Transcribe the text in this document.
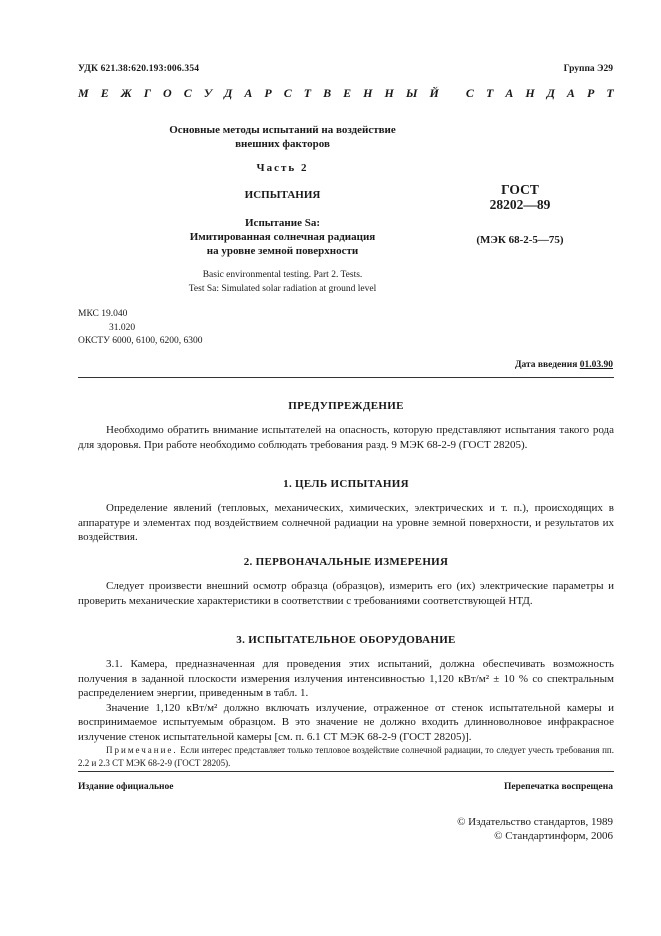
УДК 621.38:620.193:006.354	Группа Э29
М Е Ж Г О С У Д А Р С Т В Е Н Н Ы Й
С Т А Н Д А Р Т
Основные методы испытаний на воздействие
внешних факторов
Часть 2
ИСПЫТАНИЯ
Испытание Sa:
Имитированная солнечная радиация
на уровне земной поверхности
ГОСТ
28202—89
(МЭК 68-2-5—75)
Basic environmental testing. Part 2. Tests.
Test Sa: Simulated solar radiation at ground level
МКС 19.040
31.020
ОКСТУ 6000, 6100, 6200, 6300
Дата введения 01.03.90
ПРЕДУПРЕЖДЕНИЕ

Необходимо обратить внимание испытателей на опасность, которую представляют испытания такого рода для здоровья. При работе необходимо соблюдать требования разд. 9 МЭК 68-2-9 (ГОСТ 28205).

1. ЦЕЛЬ ИСПЫТАНИЯ

Определение явлений (тепловых, механических, химических, электрических и т. п.), происходящих в аппаратуре и элементах под воздействием солнечной радиации на уровне земной поверхности, и результатов их воздействия.

2. ПЕРВОНАЧАЛЬНЫЕ ИЗМЕРЕНИЯ

Следует произвести внешний осмотр образца (образцов), измерить его (их) электрические параметры и проверить механические характеристики в соответствии с требованиями соответствующей НТД.

3. ИСПЫТАТЕЛЬНОЕ ОБОРУДОВАНИЕ

3.1. Камера, предназначенная для проведения этих испытаний, должна обеспечивать возможность получения в заданной плоскости измерения излучения интенсивностью 1,120 кВт/м² ± 10 % со спектральным распределением энергии, приведенным в табл. 1.

Значение 1,120 кВт/м² должно включать излучение, отраженное от стенок испытательной камеры и воспринимаемое испытуемым образцом. В это значение не должно входить длинноволновое инфракрасное излучение стенок испытательной камеры [см. п. 6.1 СТ МЭК 68-2-9 (ГОСТ 28205)].

Примечание. Если интерес представляет только тепловое воздействие солнечной радиации, то следует учесть требования пп. 2.2 и 2.3 СТ МЭК 68-2-9 (ГОСТ 28205).
Издание официальное	Перепечатка воспрещена
© Издательство стандартов, 1989
© Стандартинформ, 2006
